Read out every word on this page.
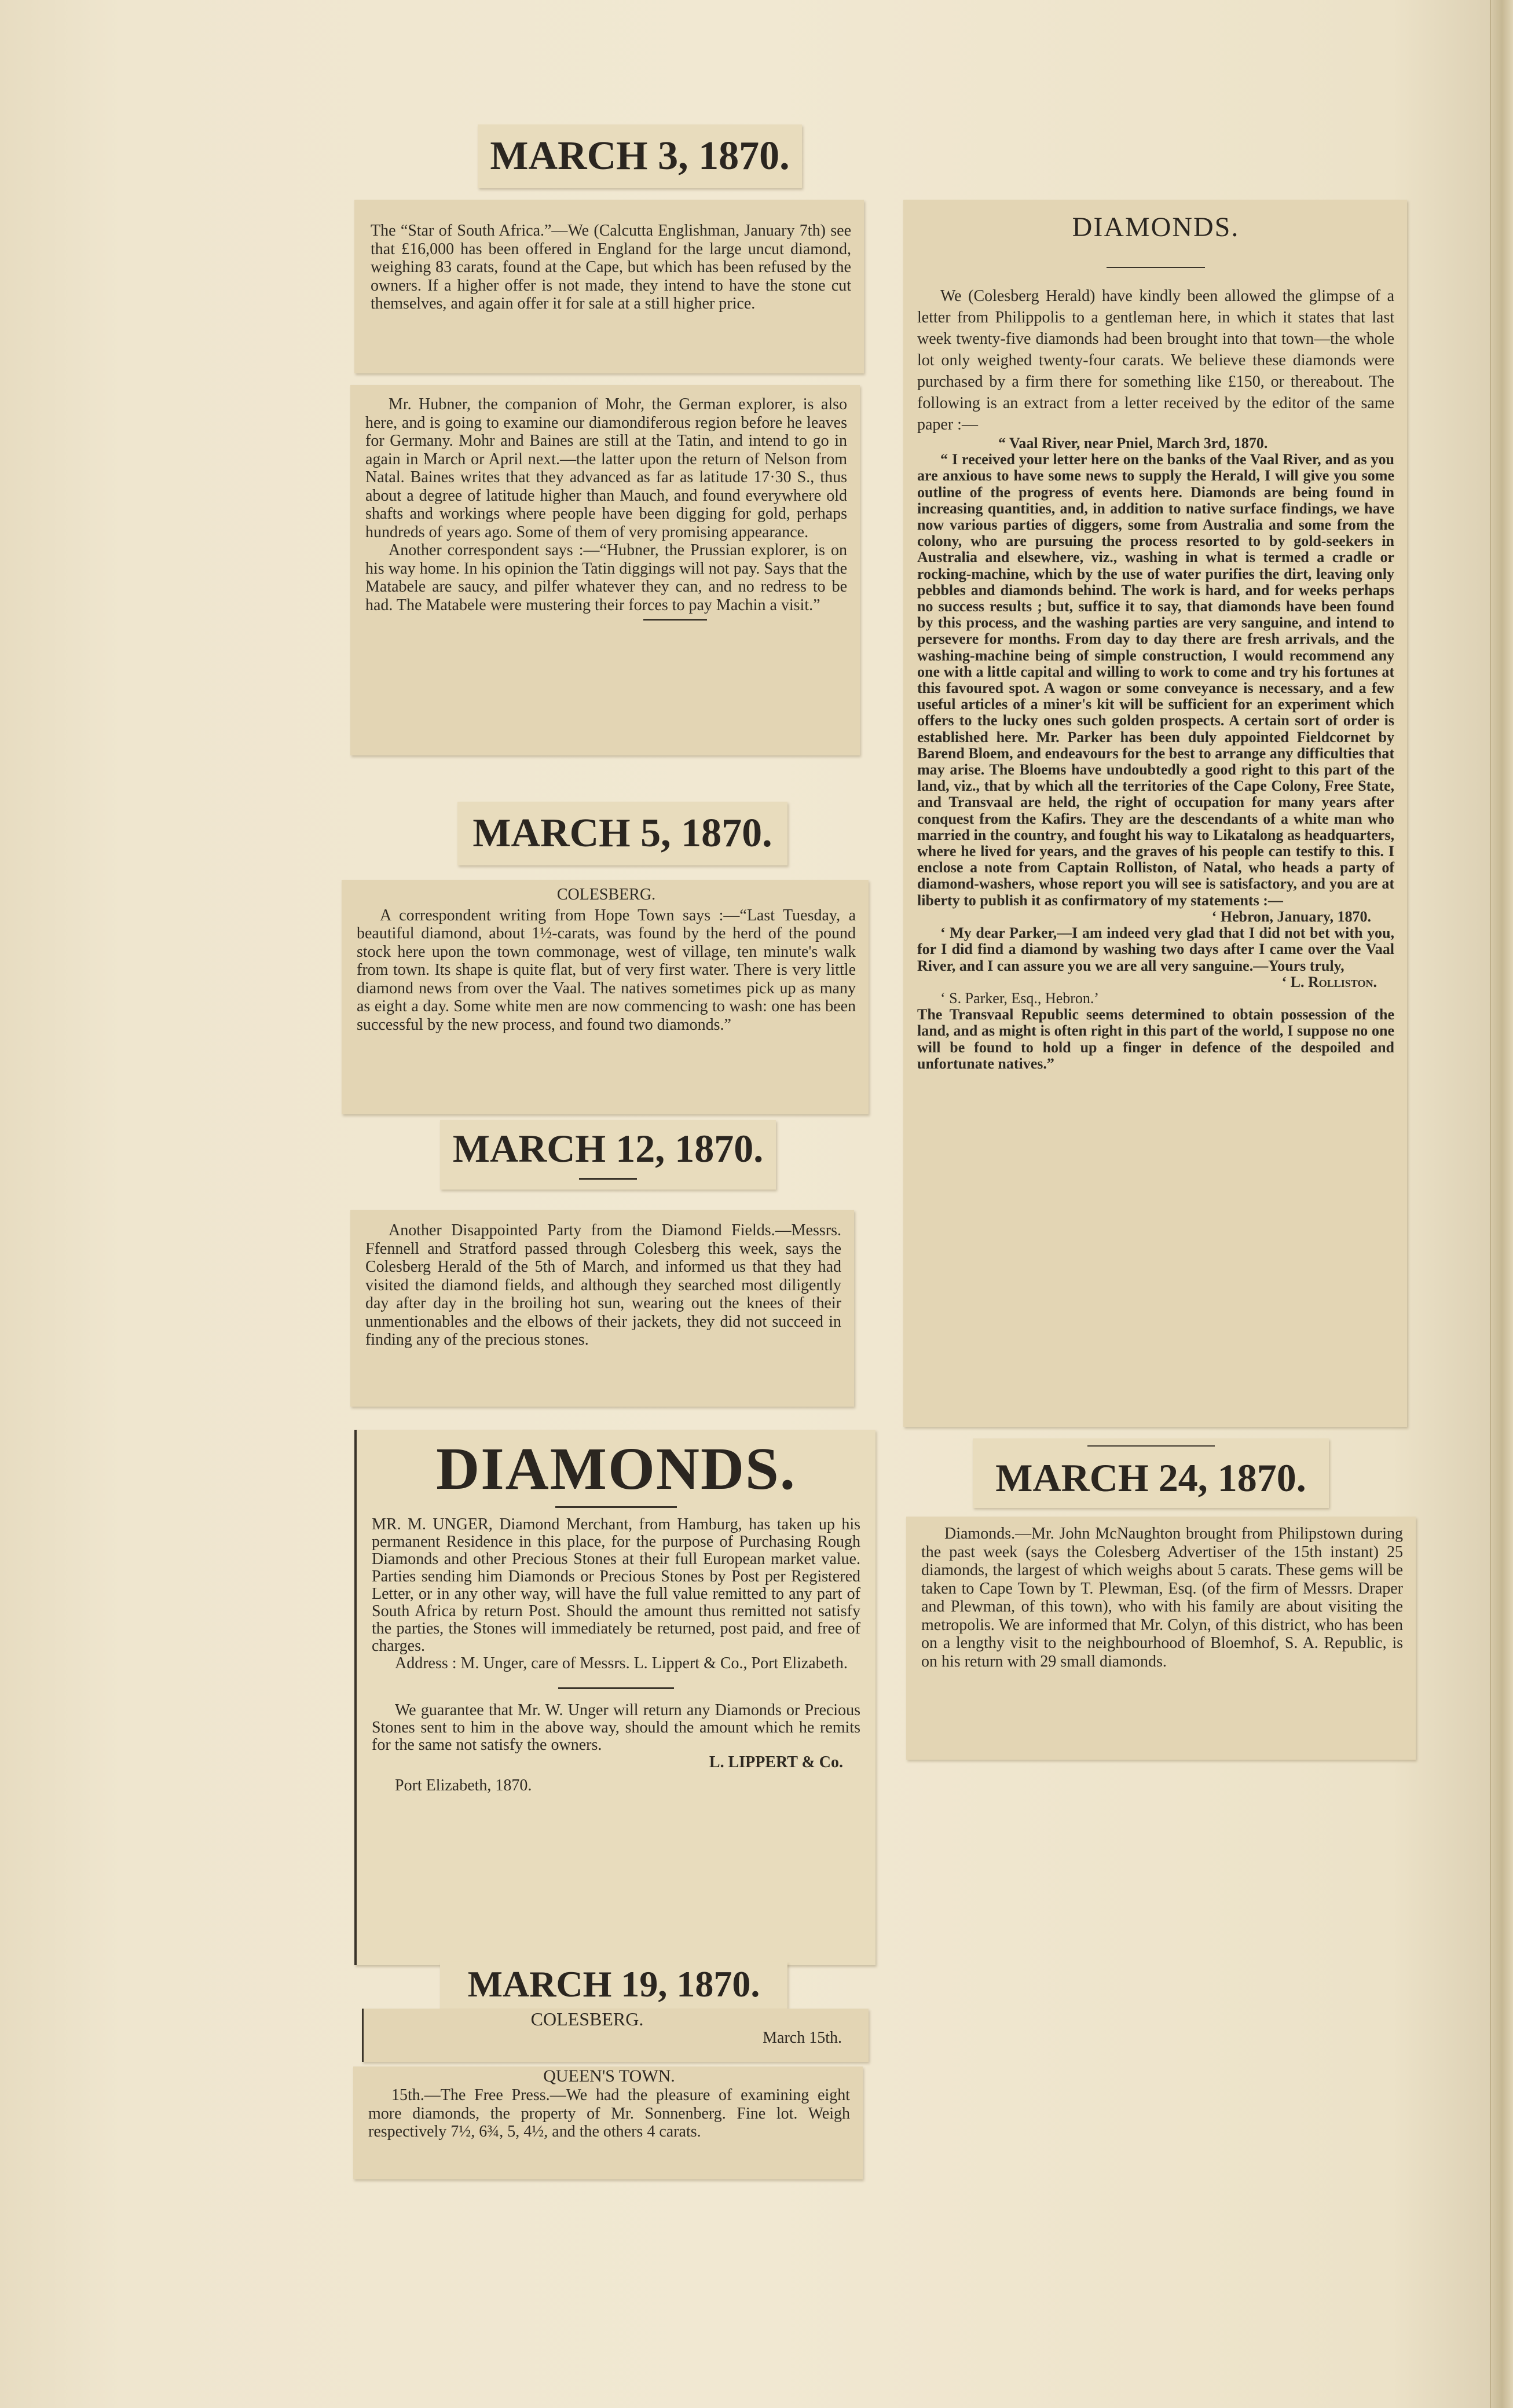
MARCH 3, 1870.
The “Star of South Africa.”—We (Calcutta Englishman, January 7th) see that £16,000 has been offered in England for the large uncut diamond, weighing 83 carats, found at the Cape, but which has been refused by the owners. If a higher offer is not made, they intend to have the stone cut themselves, and again offer it for sale at a still higher price.

Mr. Hubner, the companion of Mohr, the German explorer, is also here, and is going to examine our diamondiferous region before he leaves for Germany. Mohr and Baines are still at the Tatin, and intend to go in again in March or April next.—the latter upon the return of Nelson from Natal. Baines writes that they advanced as far as latitude 17·30 S., thus about a degree of latitude higher than Mauch, and found everywhere old shafts and workings where people have been digging for gold, perhaps hundreds of years ago. Some of them of very promising appearance.

Another correspondent says :—“Hubner, the Prussian explorer, is on his way home. In his opinion the Tatin diggings will not pay. Says that the Matabele are saucy, and pilfer whatever they can, and no redress to be had. The Matabele were mustering their forces to pay Machin a visit.”

MARCH 5, 1870.
COLESBERG.

A correspondent writing from Hope Town says :—“Last Tuesday, a beautiful diamond, about 1½-carats, was found by the herd of the pound stock here upon the town commonage, west of village, ten minute's walk from town. Its shape is quite flat, but of very first water. There is very little diamond news from over the Vaal. The natives sometimes pick up as many as eight a day. Some white men are now commencing to wash: one has been successful by the new process, and found two diamonds.”

MARCH 12, 1870.

Another Disappointed Party from the Diamond Fields.—Messrs. Ffennell and Stratford passed through Colesberg this week, says the Colesberg Herald of the 5th of March, and informed us that they had visited the diamond fields, and although they searched most diligently day after day in the broiling hot sun, wearing out the knees of their unmentionables and the elbows of their jackets, they did not succeed in finding any of the precious stones.

DIAMONDS.

MR. M. UNGER, Diamond Merchant, from Hamburg, has taken up his permanent Residence in this place, for the purpose of Purchasing Rough Diamonds and other Precious Stones at their full European market value. Parties sending him Diamonds or Precious Stones by Post per Registered Letter, or in any other way, will have the full value remitted to any part of South Africa by return Post. Should the amount thus remitted not satisfy the parties, the Stones will immediately be returned, post paid, and free of charges.

Address : M. Unger, care of Messrs. L. Lippert & Co., Port Elizabeth.

We guarantee that Mr. W. Unger will return any Diamonds or Precious Stones sent to him in the above way, should the amount which he remits for the same not satisfy the owners.

L. LIPPERT & Co.

Port Elizabeth, 1870.

MARCH 19, 1870.
COLESBERG.
March 15th.
QUEEN'S TOWN.

15th.—The Free Press.—We had the pleasure of examining eight more diamonds, the property of Mr. Sonnenberg. Fine lot. Weigh respectively 7½, 6¾, 5, 4½, and the others 4 carats.

DIAMONDS.

We (Colesberg Herald) have kindly been allowed the glimpse of a letter from Philippolis to a gentleman here, in which it states that last week twenty-five diamonds had been brought into that town—the whole lot only weighed twenty-four carats. We believe these diamonds were purchased by a firm there for something like £150, or thereabout. The following is an extract from a letter received by the editor of the same paper :—

“ Vaal River, near Pniel, March 3rd, 1870.

“ I received your letter here on the banks of the Vaal River, and as you are anxious to have some news to supply the Herald, I will give you some outline of the progress of events here. Diamonds are being found in increasing quantities, and, in addition to native surface findings, we have now various parties of diggers, some from Australia and some from the colony, who are pursuing the process resorted to by gold-seekers in Australia and elsewhere, viz., washing in what is termed a cradle or rocking-machine, which by the use of water purifies the dirt, leaving only pebbles and diamonds behind. The work is hard, and for weeks perhaps no success results ; but, suffice it to say, that diamonds have been found by this process, and the washing parties are very sanguine, and intend to persevere for months. From day to day there are fresh arrivals, and the washing-machine being of simple construction, I would recommend any one with a little capital and willing to work to come and try his fortunes at this favoured spot. A wagon or some conveyance is necessary, and a few useful articles of a miner's kit will be sufficient for an experiment which offers to the lucky ones such golden prospects. A certain sort of order is established here. Mr. Parker has been duly appointed Fieldcornet by Barend Bloem, and endeavours for the best to arrange any difficulties that may arise. The Bloems have undoubtedly a good right to this part of the land, viz., that by which all the territories of the Cape Colony, Free State, and Transvaal are held, the right of occupation for many years after conquest from the Kafirs. They are the descendants of a white man who married in the country, and fought his way to Likatalong as headquarters, where he lived for years, and the graves of his people can testify to this. I enclose a note from Captain Rolliston, of Natal, who heads a party of diamond-washers, whose report you will see is satisfactory, and you are at liberty to publish it as confirmatory of my statements :—

‘ Hebron, January, 1870.

‘ My dear Parker,—I am indeed very glad that I did not bet with you, for I did find a diamond by washing two days after I came over the Vaal River, and I can assure you we are all very sanguine.—Yours truly,

‘ L. Rolliston.

‘ S. Parker, Esq., Hebron.’

The Transvaal Republic seems determined to obtain possession of the land, and as might is often right in this part of the world, I suppose no one will be found to hold up a finger in defence of the despoiled and unfortunate natives.”

MARCH 24, 1870.

Diamonds.—Mr. John McNaughton brought from Philipstown during the past week (says the Colesberg Advertiser of the 15th instant) 25 diamonds, the largest of which weighs about 5 carats. These gems will be taken to Cape Town by T. Plewman, Esq. (of the firm of Messrs. Draper and Plewman, of this town), who with his family are about visiting the metropolis. We are informed that Mr. Colyn, of this district, who has been on a lengthy visit to the neighbourhood of Bloemhof, S. A. Republic, is on his return with 29 small diamonds.
